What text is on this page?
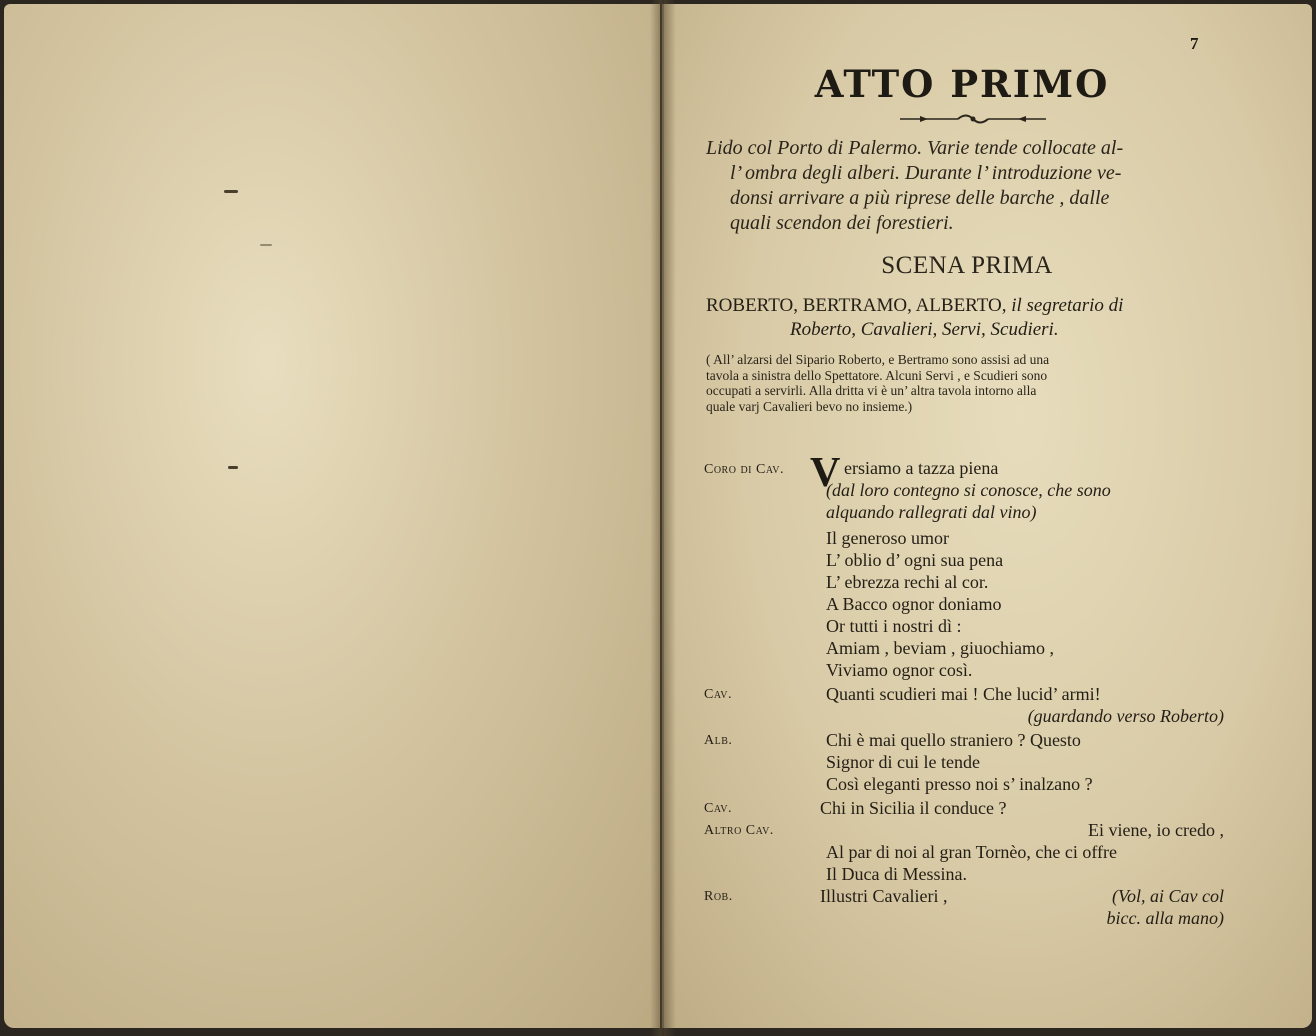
7
ATTO PRIMO
Lido col Porto di Palermo. Varie tende collocate al-
l’ ombra degli alberi. Durante l’ introduzione ve-
donsi arrivare a più riprese delle barche , dalle
quali scendon dei forestieri.
SCENA PRIMA
ROBERTO, BERTRAMO, ALBERTO, il segretario di
Roberto, Cavalieri, Servi, Scudieri.
( All’ alzarsi del Sipario Roberto, e Bertramo sono assisi ad una
tavola a sinistra dello Spettatore. Alcuni Servi , e Scudieri sono
occupati a servirli. Alla dritta vi è un’ altra tavola intorno alla
quale varj Cavalieri bevo no insieme.)
Coro di Cav. V ersiamo a tazza piena
(dal loro contegno si conosce, che sono
alquando rallegrati dal vino)
Il generoso umor
L’ oblio d’ ogni sua pena
L’ ebrezza rechi al cor.
A Bacco ognor doniamo
Or tutti i nostri dì :
Amiam , beviam , giuochiamo ,
Viviamo ognor così.
Cav.	Quanti scudieri mai ! Che lucid’ armi!
(guardando verso Roberto)
Alb.	Chi è mai quello straniero ? Questo
Signor di cui le tende
Così eleganti presso noi s’ inalzano ?
Cav.	Chi in Sicilia il conduce ?
Altro Cav.	Ei viene, io credo ,
Al par di noi al gran Tornèo, che ci offre
Il Duca di Messina.
Rob.	Illustri Cavalieri ,	(Vol, ai Cav col
bicc. alla mano)
